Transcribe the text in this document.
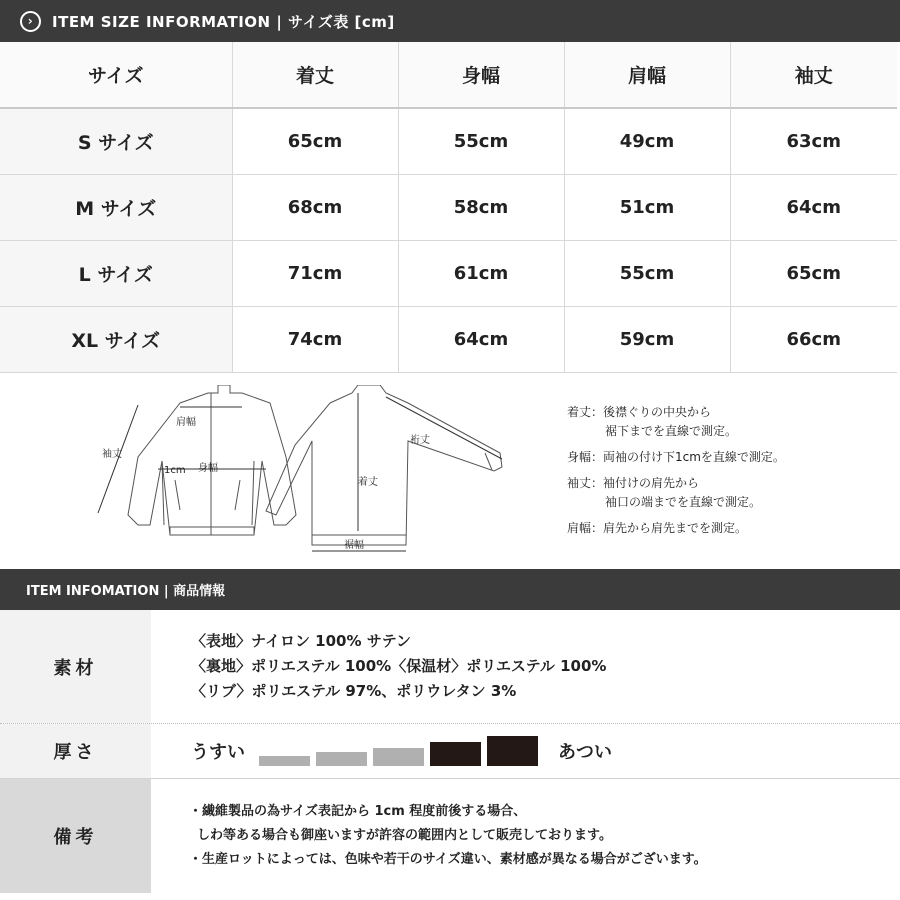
›	ITEM SIZE INFORMATION | サイズ表 [cm]
サイズ	着丈	身幅	肩幅	袖丈
S サイズ	65cm	55cm	49cm	63cm
M サイズ	68cm	58cm	51cm	64cm
L サイズ	71cm	61cm	55cm	65cm
XL サイズ	74cm	64cm	59cm	66cm
肩幅
袖丈
身幅
1cm
着丈
裄丈
裾幅
着丈：後襟ぐりの中央から
裾下までを直線で測定。
身幅：両袖の付け下1cmを直線で測定。
袖丈：袖付けの肩先から
袖口の端までを直線で測定。
肩幅：肩先から肩先までを測定。
ITEM INFOMATION | 商品情報
素材
〈表地〉ナイロン 100% サテン
〈裏地〉ポリエステル 100%〈保温材〉ポリエステル 100%
〈リブ〉ポリエステル 97%、ポリウレタン 3%
厚さ	うすい	あつい
備考
・繊維製品の為サイズ表記から 1cm 程度前後する場合、
しわ等ある場合も御座いますが許容の範囲内として販売しております。
・生産ロットによっては、色味や若干のサイズ違い、素材感が異なる場合がございます。
